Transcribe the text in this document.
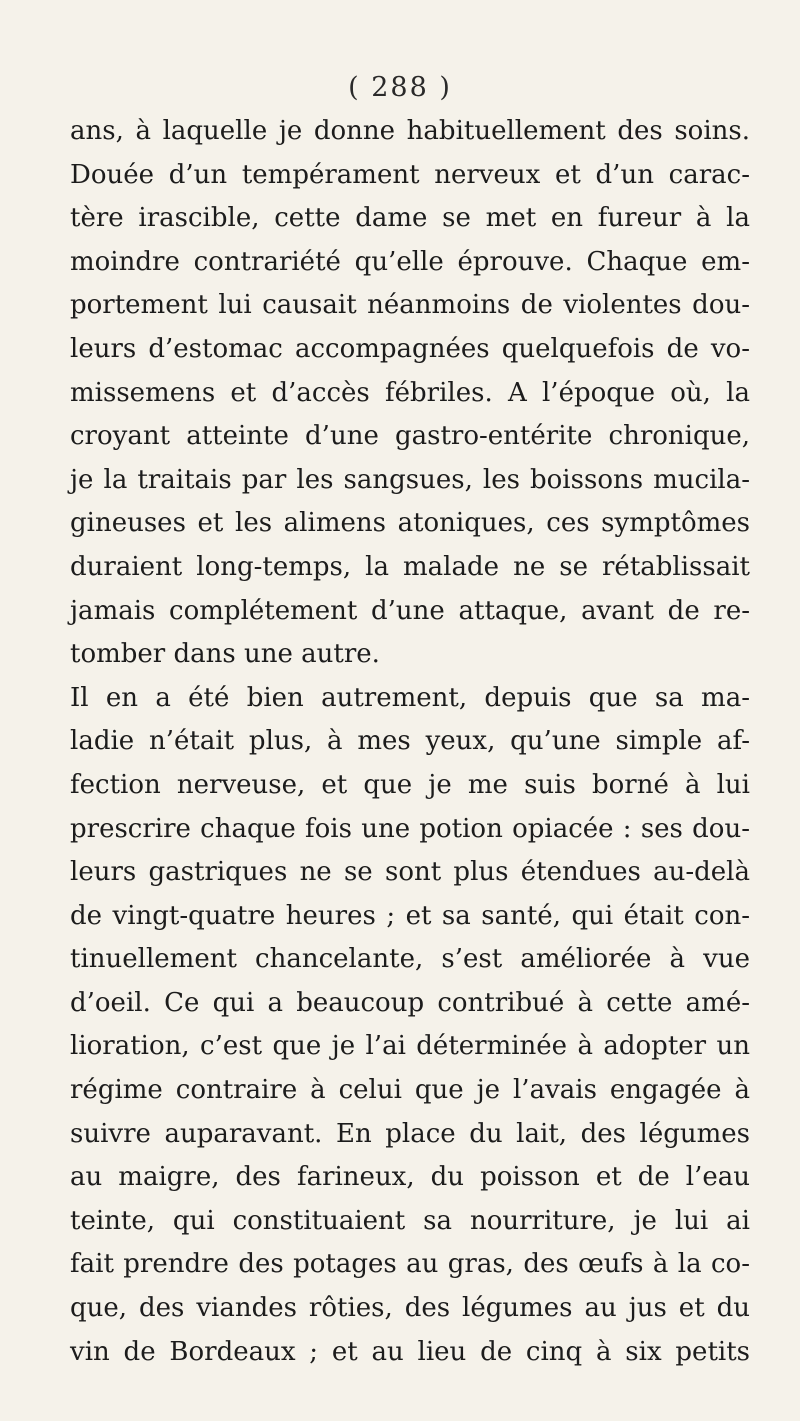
( 288 )
ans, à laquelle je donne habituellement des soins.
Douée d’un tempérament nerveux et d’un carac-
tère irascible, cette dame se met en fureur à la
moindre contrariété qu’elle éprouve. Chaque em-
portement lui causait néanmoins de violentes dou-
leurs d’estomac accompagnées quelquefois de vo-
missemens et d’accès fébriles. A l’époque où, la
croyant atteinte d’une gastro-entérite chronique,
je la traitais par les sangsues, les boissons mucila-
gineuses et les alimens atoniques, ces symptômes
duraient long-temps, la malade ne se rétablissait
jamais complétement d’une attaque, avant de re-
tomber dans une autre.
Il en a été bien autrement, depuis que sa ma-
ladie n’était plus, à mes yeux, qu’une simple af-
fection nerveuse, et que je me suis borné à lui
prescrire chaque fois une potion opiacée : ses dou-
leurs gastriques ne se sont plus étendues au-delà
de vingt-quatre heures ; et sa santé, qui était con-
tinuellement chancelante, s’est améliorée à vue
d’oeil. Ce qui a beaucoup contribué à cette amé-
lioration, c’est que je l’ai déterminée à adopter un
régime contraire à celui que je l’avais engagée à
suivre auparavant. En place du lait, des légumes
au maigre, des farineux, du poisson et de l’eau
teinte, qui constituaient sa nourriture, je lui ai
fait prendre des potages au gras, des œufs à la co-
que, des viandes rôties, des légumes au jus et du
vin de Bordeaux ; et au lieu de cinq à six petits
